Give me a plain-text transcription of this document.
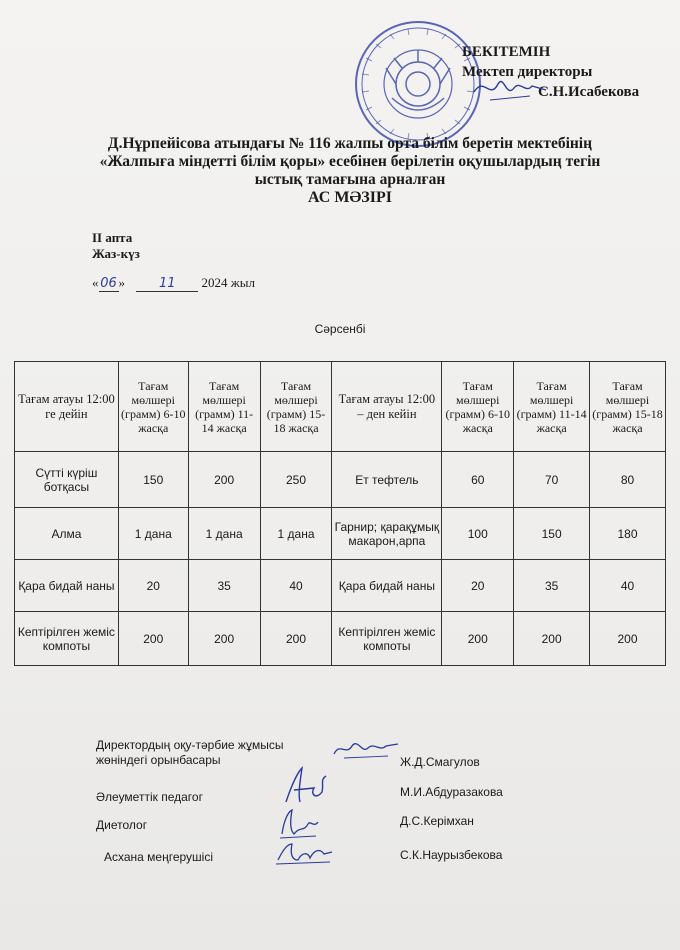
БЕКІТЕМІН
Мектеп директоры
С.Н.Исабекова
Д.Нұрпейісова атындағы № 116 жалпы орта білім беретін мектебінің
«Жалпыға міндетті білім қоры» есебінен берілетін оқушылардың тегін
ыстық тамағына арналған
АС МӘЗІРІ
ІІ апта
Жаз-күз
« 06 »	11 2024 жыл
Сәрсенбі
Тағам атауы 12:00 ге дейін	Тағам мөлшері (грамм) 6-10 жасқа	Тағам мөлшері (грамм) 11-14 жасқа	Тағам мөлшері (грамм) 15-18 жасқа	Тағам атауы 12:00 – ден кейін	Тағам мөлшері (грамм) 6-10 жасқа	Тағам мөлшері (грамм) 11-14 жасқа	Тағам мөлшері (грамм) 15-18 жасқа
Сүтті күріш ботқасы	150	200	250	Ет тефтель	60	70	80
Алма	1 дана	1 дана	1 дана	Гарнир; қарақұмық макарон,арпа	100	150	180
Қара бидай наны	20	35	40	Қара бидай наны	20	35	40
Кептірілген жеміс компоты	200	200	200	Кептірілген жеміс компоты	200	200	200
Директордың оқу-тәрбие жұмысы жөніндегі орынбасары	Ж.Д.Смагулов
Әлеуметтік педагог	М.И.Абдуразакова
Диетолог	Д.С.Керімхан
Асхана меңгерушісі	С.К.Наурызбекова
